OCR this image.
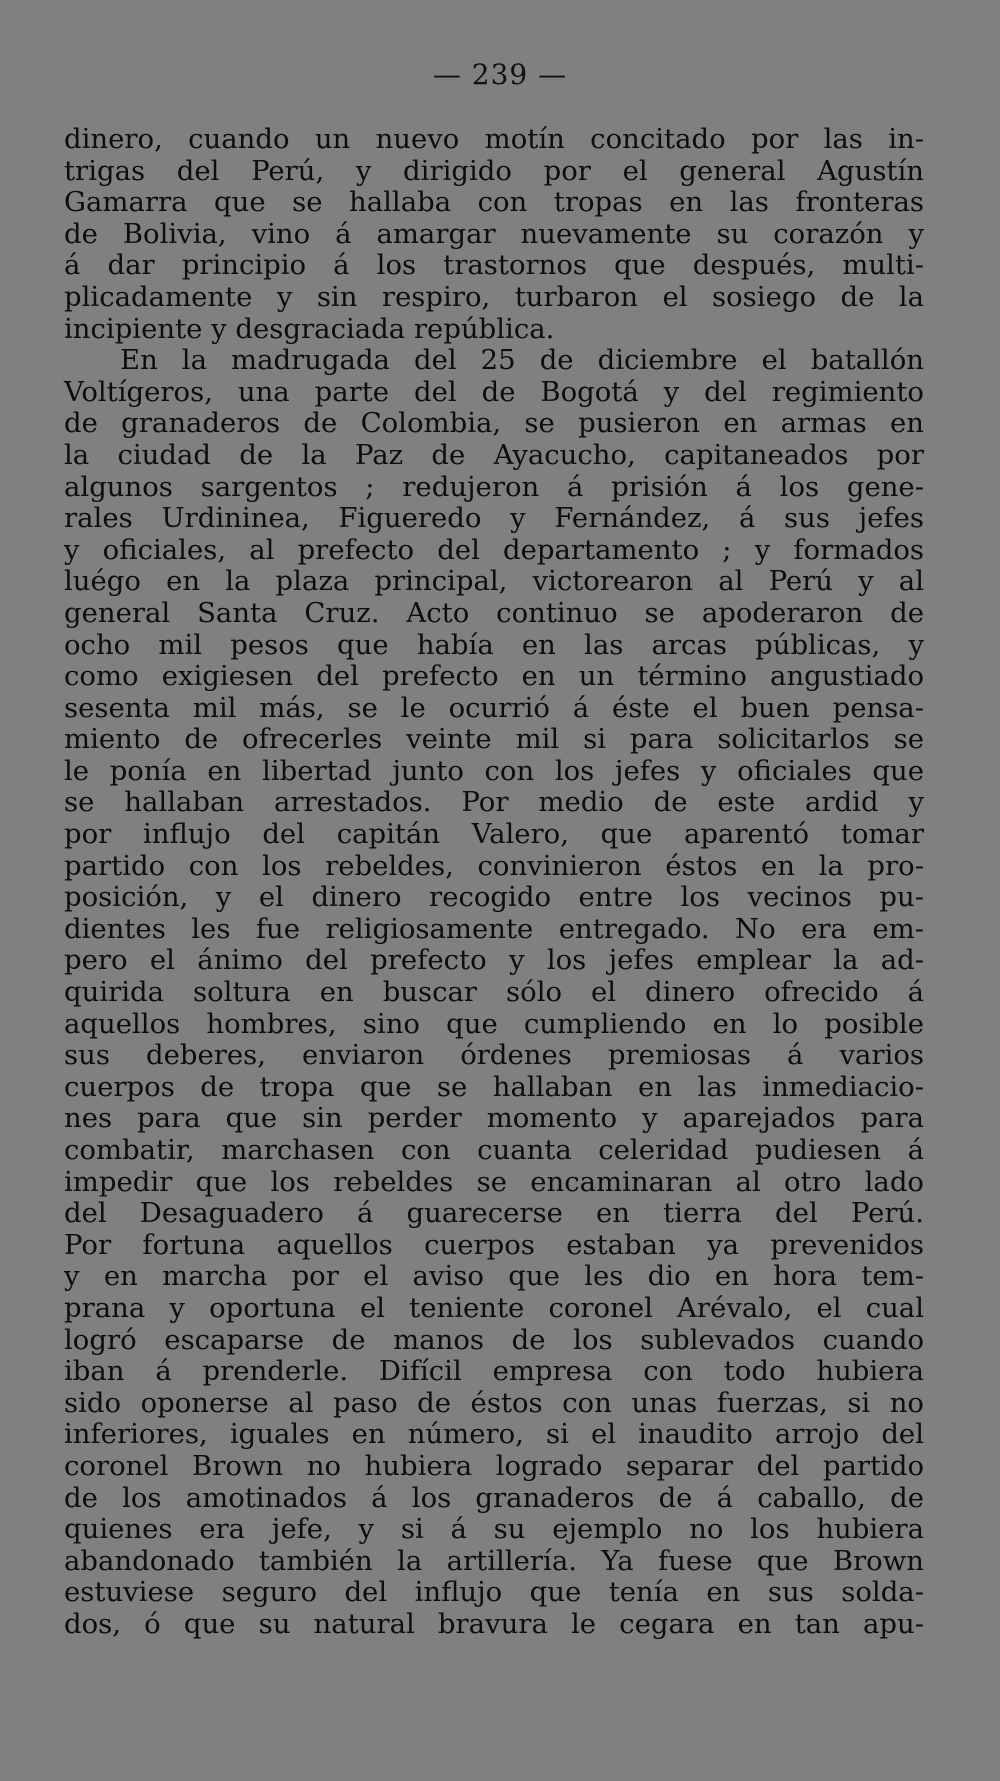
— 239 —
dinero, cuando un nuevo motín concitado por las in-
trigas del Perú, y dirigido por el general Agustín
Gamarra que se hallaba con tropas en las fronteras
de Bolivia, vino á amargar nuevamente su corazón y
á dar principio á los trastornos que después, multi-
plicadamente y sin respiro, turbaron el sosiego de la
incipiente y desgraciada república.
En la madrugada del 25 de diciembre el batallón
Voltígeros, una parte del de Bogotá y del regimiento
de granaderos de Colombia, se pusieron en armas en
la ciudad de la Paz de Ayacucho, capitaneados por
algunos sargentos ; redujeron á prisión á los gene-
rales Urdininea, Figueredo y Fernández, á sus jefes
y oficiales, al prefecto del departamento ; y formados
luégo en la plaza principal, victorearon al Perú y al
general Santa Cruz. Acto continuo se apoderaron de
ocho mil pesos que había en las arcas públicas, y
como exigiesen del prefecto en un término angustiado
sesenta mil más, se le ocurrió á éste el buen pensa-
miento de ofrecerles veinte mil si para solicitarlos se
le ponía en libertad junto con los jefes y oficiales que
se hallaban arrestados. Por medio de este ardid y
por influjo del capitán Valero, que aparentó tomar
partido con los rebeldes, convinieron éstos en la pro-
posición, y el dinero recogido entre los vecinos pu-
dientes les fue religiosamente entregado. No era em-
pero el ánimo del prefecto y los jefes emplear la ad-
quirida soltura en buscar sólo el dinero ofrecido á
aquellos hombres, sino que cumpliendo en lo posible
sus deberes, enviaron órdenes premiosas á varios
cuerpos de tropa que se hallaban en las inmediacio-
nes para que sin perder momento y aparejados para
combatir, marchasen con cuanta celeridad pudiesen á
impedir que los rebeldes se encaminaran al otro lado
del Desaguadero á guarecerse en tierra del Perú.
Por fortuna aquellos cuerpos estaban ya prevenidos
y en marcha por el aviso que les dio en hora tem-
prana y oportuna el teniente coronel Arévalo, el cual
logró escaparse de manos de los sublevados cuando
iban á prenderle. Difícil empresa con todo hubiera
sido oponerse al paso de éstos con unas fuerzas, si no
inferiores, iguales en número, si el inaudito arrojo del
coronel Brown no hubiera logrado separar del partido
de los amotinados á los granaderos de á caballo, de
quienes era jefe, y si á su ejemplo no los hubiera
abandonado también la artillería. Ya fuese que Brown
estuviese seguro del influjo que tenía en sus solda-
dos, ó que su natural bravura le cegara en tan apu-
